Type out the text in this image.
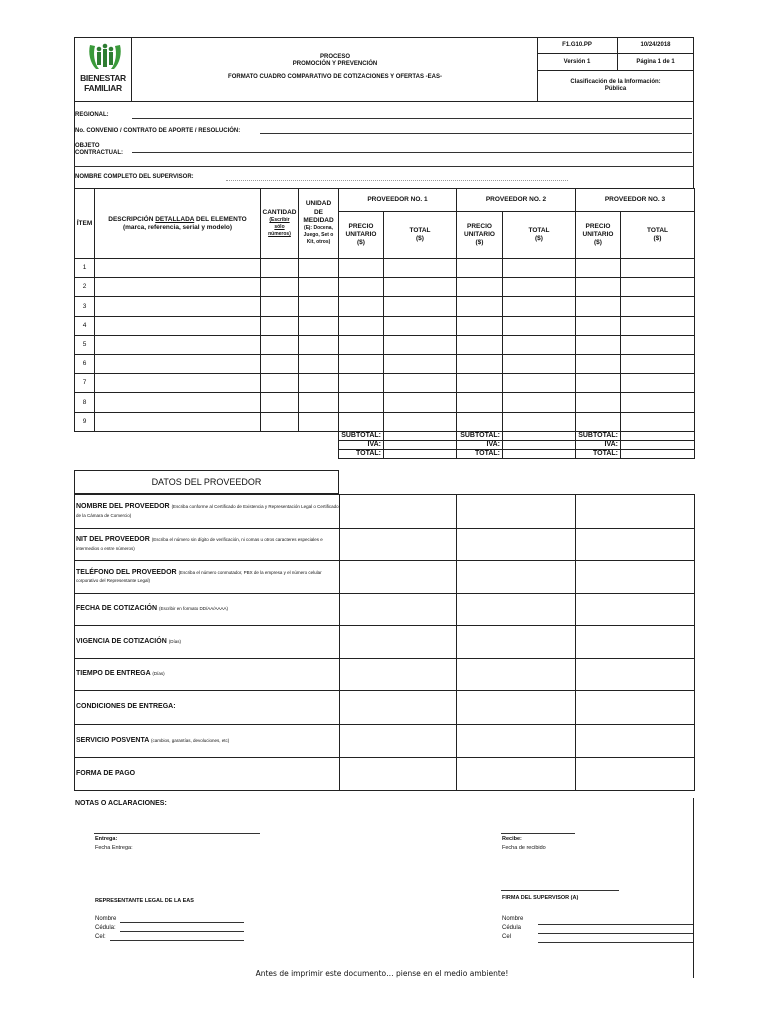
BIENESTAR
FAMILIAR
PROCESO
PROMOCIÓN Y PREVENCIÓN
FORMATO CUADRO COMPARATIVO DE COTIZACIONES Y OFERTAS -EAS-
F1.G10.PP	10/24/2018
Versión 1	Página 1 de 1
Clasificación de la Información:
Pública
REGIONAL:
No. CONVENIO / CONTRATO DE APORTE / RESOLUCIÓN:
OBJETO
CONTRACTUAL:
NOMBRE COMPLETO DEL SUPERVISOR:
ÍTEM
DESCRIPCIÓN DETALLADA DEL ELEMENTO
(marca, referencia, serial y modelo)
CANTIDAD
(Escribir
sólo
números)
UNIDAD
DE
MEDIDAD
(Ej: Docena, Juego, Set o Kit, otros)
PROVEEDOR NO. 1
PRECIO
UNITARIO
($)
TOTAL
($)
PROVEEDOR NO. 2
PRECIO
UNITARIO
($)
TOTAL
($)
PROVEEDOR NO. 3
PRECIO
UNITARIO
($)
TOTAL
($)
1
2
3
4
5
6
7
8
9
SUBTOTAL:
IVA:
TOTAL:
SUBTOTAL:
IVA:
TOTAL:
SUBTOTAL:
IVA:
TOTAL:
DATOS DEL PROVEEDOR
NOMBRE DEL PROVEEDOR (Escriba conforme al Certificado de Existencia y Representación Legal o Certificado de la Cámara de Comercio)
NIT DEL PROVEEDOR (Escriba el número sin dígito de verificación, ni comas u otros caracteres especiales e intermedios o entre números)
TELÉFONO DEL PROVEEDOR (Escriba el número conmutador, PBX de la empresa y el número celular corporativo del Representante Legal)
FECHA DE COTIZACIÓN (Escribir en formato DD/AA/AAAA)
VIGENCIA DE COTIZACIÓN (Días)
TIEMPO DE ENTREGA (Días)
CONDICIONES DE ENTREGA:
SERVICIO POSVENTA (cambios, garantías, devoluciones, etc)
FORMA DE PAGO
NOTAS O ACLARACIONES:
Entrega:
Fecha Entrega:
Recibe:
Fecha de recibido
FIRMA DEL SUPERVISOR (A)
REPRESENTANTE LEGAL DE LA EAS
Nombre
Cédula:
Cel:
Nombre
Cédula
Cel
Antes de imprimir este documento… piense en el medio ambiente!
